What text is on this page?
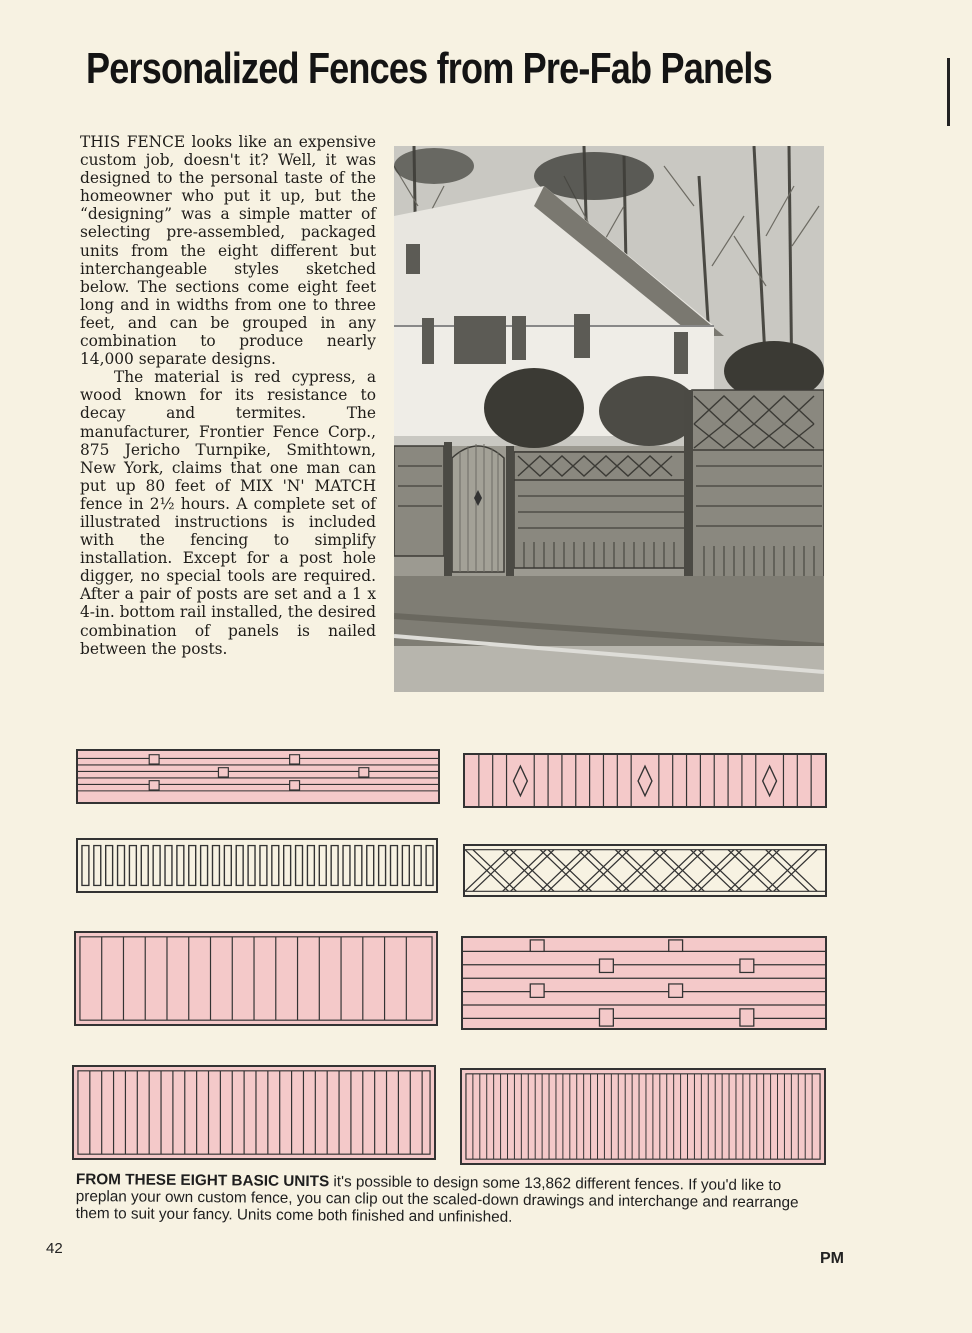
Personalized Fences from Pre-Fab Panels

THIS FENCE looks like an expensive custom job, doesn't it? Well, it was designed to the personal taste of the homeowner who put it up, but the “designing” was a simple matter of selecting pre-assembled, packaged units from the eight different but interchangeable styles sketched below. The sections come eight feet long and in widths from one to three feet, and can be grouped in any combination to produce nearly 14,000 separate designs.

The material is red cypress, a wood known for its resistance to decay and termites. The manufacturer, Frontier Fence Corp., 875 Jericho Turnpike, Smithtown, New York, claims that one man can put up 80 feet of MIX 'N' MATCH fence in 2½ hours. A complete set of illustrated instructions is included with the fencing to simplify installation. Except for a post hole digger, no special tools are required. After a pair of posts are set and a 1 x 4-in. bottom rail installed, the desired combination of panels is nailed between the posts.

FROM THESE EIGHT BASIC UNITS it's possible to design some 13,862 different fences. If you'd like to preplan your own custom fence, you can clip out the scaled-down drawings and interchange and rearrange them to suit your fancy. Units come both finished and unfinished.
42
PM
